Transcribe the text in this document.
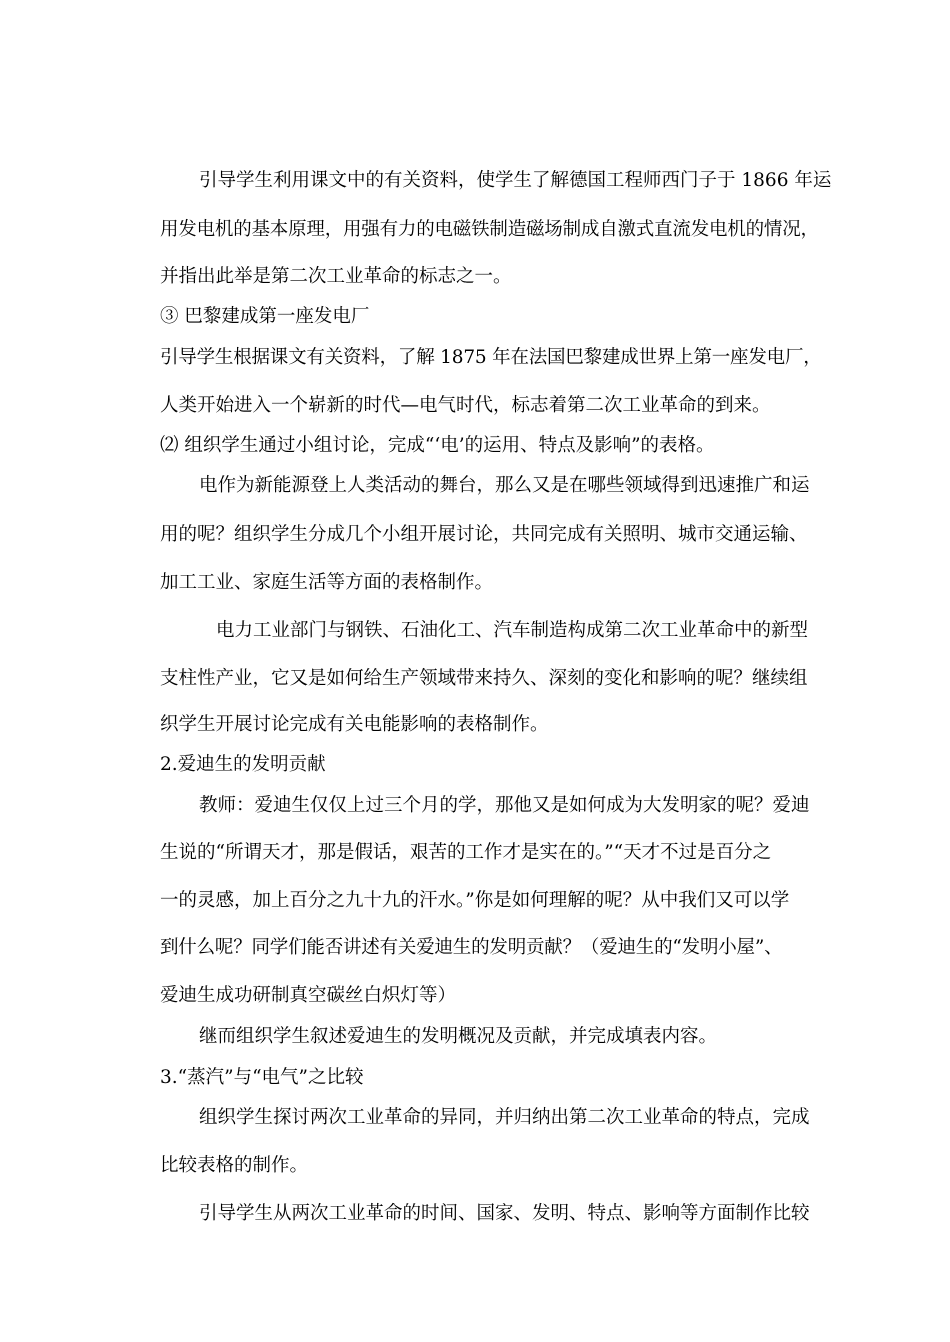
引导学生利用课文中的有关资料，使学生了解德国工程师西门子于 1866 年运
用发电机的基本原理，用强有力的电磁铁制造磁场制成自激式直流发电机的情况，
并指出此举是第二次工业革命的标志之一。
③ 巴黎建成第一座发电厂
引导学生根据课文有关资料，了解 1875 年在法国巴黎建成世界上第一座发电厂，
人类开始进入一个崭新的时代—电气时代，标志着第二次工业革命的到来。
⑵ 组织学生通过小组讨论，完成“‘电’的运用、特点及影响”的表格。
电作为新能源登上人类活动的舞台，那么又是在哪些领域得到迅速推广和运
用的呢？组织学生分成几个小组开展讨论，共同完成有关照明、城市交通运输、
加工工业、家庭生活等方面的表格制作。
电力工业部门与钢铁、石油化工、汽车制造构成第二次工业革命中的新型
支柱性产业，它又是如何给生产领域带来持久、深刻的变化和影响的呢？继续组
织学生开展讨论完成有关电能影响的表格制作。
2.爱迪生的发明贡献
教师：爱迪生仅仅上过三个月的学，那他又是如何成为大发明家的呢？爱迪
生说的“所谓天才，那是假话，艰苦的工作才是实在的。”“天才不过是百分之
一的灵感，加上百分之九十九的汗水。”你是如何理解的呢？从中我们又可以学
到什么呢？同学们能否讲述有关爱迪生的发明贡献？（爱迪生的“发明小屋”、
爱迪生成功研制真空碳丝白炽灯等）
继而组织学生叙述爱迪生的发明概况及贡献，并完成填表内容。
3.“蒸汽”与“电气”之比较
组织学生探讨两次工业革命的异同，并归纳出第二次工业革命的特点，完成
比较表格的制作。
引导学生从两次工业革命的时间、国家、发明、特点、影响等方面制作比较
